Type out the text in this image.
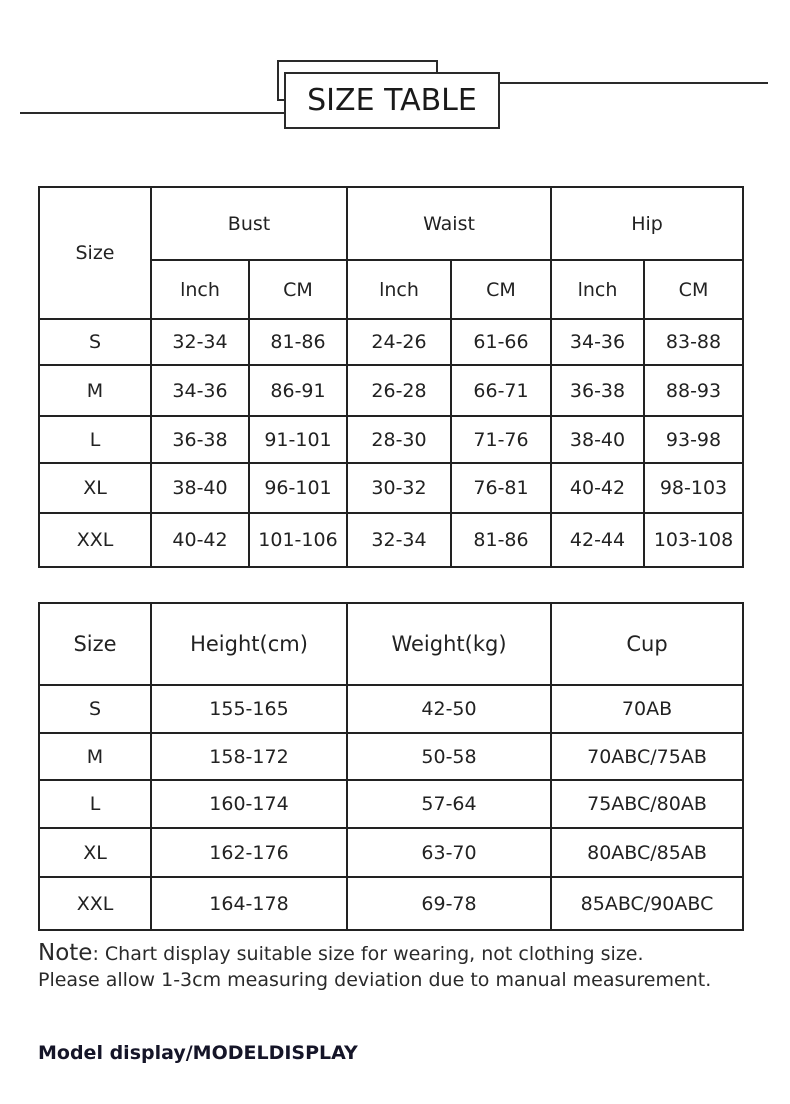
SIZE TABLE
Size	Bust		Waist		Hip	
	lnch	CM	lnch	CM	lnch	CM
S	32-34	81-86	24-26	61-66	34-36	83-88
M	34-36	86-91	26-28	66-71	36-38	88-93
L	36-38	91-101	28-30	71-76	38-40	93-98
XL	38-40	96-101	30-32	76-81	40-42	98-103
XXL	40-42	101-106	32-34	81-86	42-44	103-108
Size	Height(cm)	Weight(kg)	Cup
S	155-165	42-50	70AB
M	158-172	50-58	70ABC/75AB
L	160-174	57-64	75ABC/80AB
XL	162-176	63-70	80ABC/85AB
XXL	164-178	69-78	85ABC/90ABC
Note: Chart display suitable size for wearing, not clothing size.
Please allow 1-3cm measuring deviation due to manual measurement.
Model display/MODELDISPLAY
